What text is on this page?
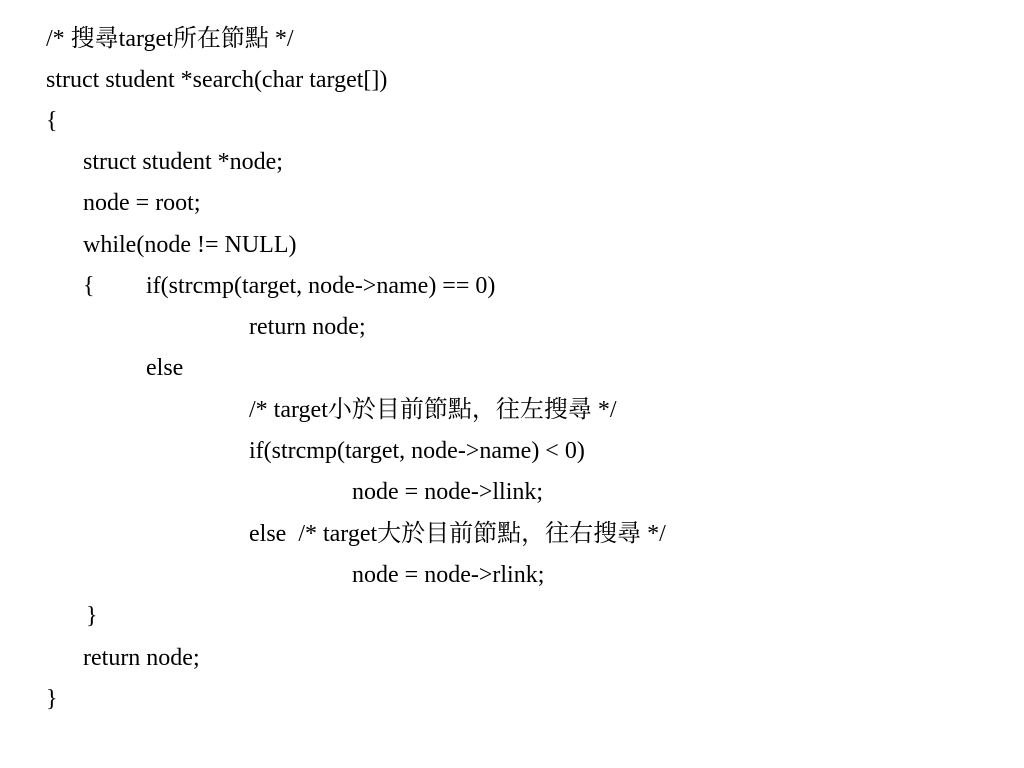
/* 搜尋target所在節點 */
struct student *search(char target[])
{
struct student *node;
node = root;
while(node != NULL)
{ if(strcmp(target, node->name) == 0)
return node;
else
/* target小於目前節點，往左搜尋 */
if(strcmp(target, node->name) < 0)
node = node->llink;
else  /* target大於目前節點，往右搜尋 */
node = node->rlink;
}
return node;
}
